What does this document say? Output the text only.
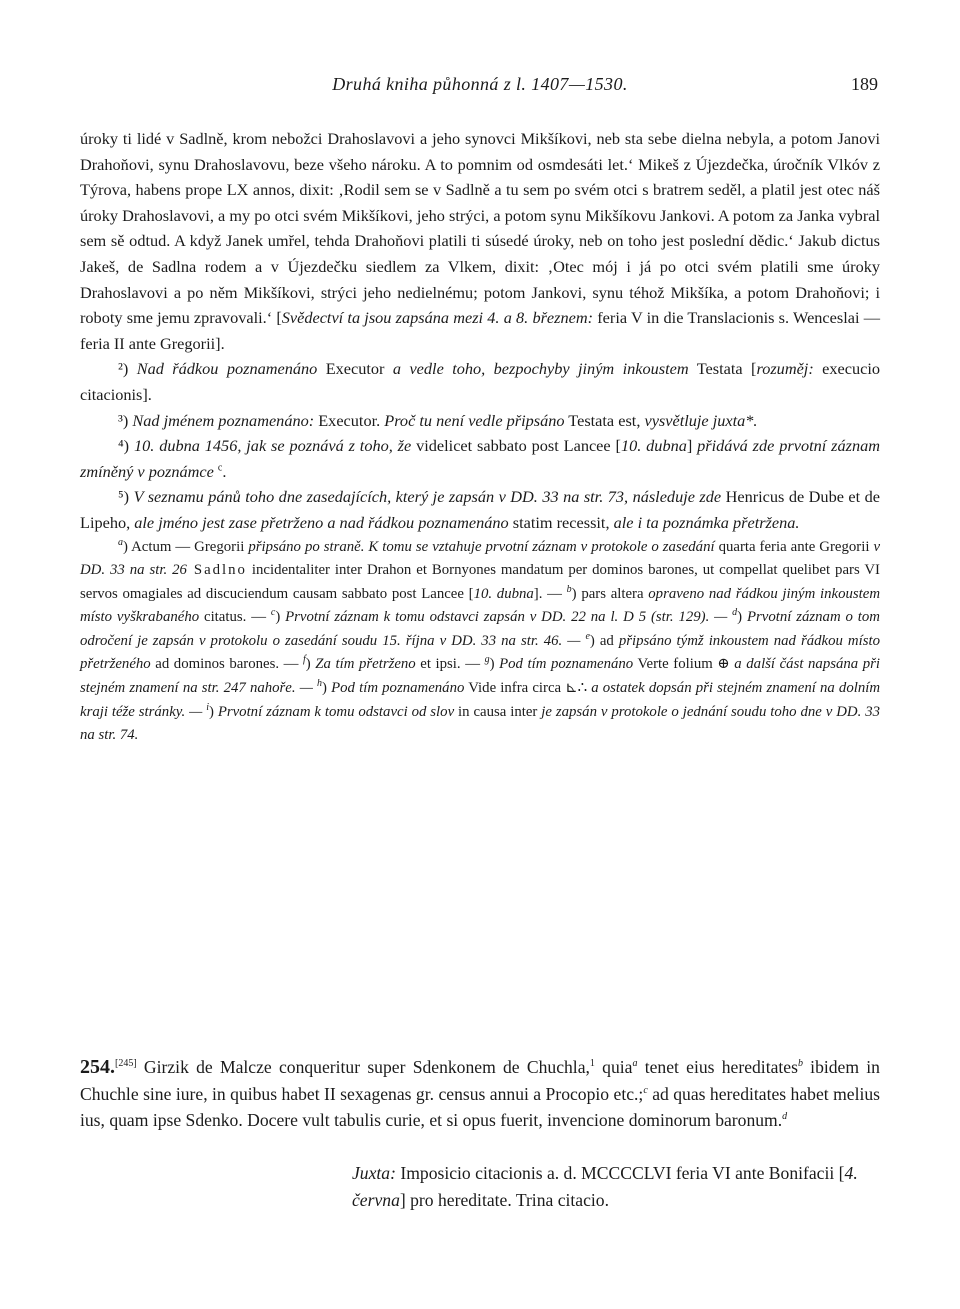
Druhá kniha půhonná z l. 1407—1530.	189

úroky ti lidé v Sadlně, krom nebožci Drahoslavovi a jeho synovci Mikšíkovi, neb sta sebe dielna nebyla, a potom Janovi Drahoňovi, synu Drahoslavovu, beze všeho nároku. A to pomnim od osmdesáti let.‘ Mikeš z Újezdečka, úročník Vlkóv z Týrova, habens prope LX annos, dixit: ‚Rodil sem se v Sadlně a tu sem po svém otci s bratrem seděl, a platil jest otec náš úroky Drahoslavovi, a my po otci svém Mikšíkovi, jeho strýci, a potom synu Mikšíkovu Jankovi. A potom za Janka vybral sem sě odtud. A když Janek umřel, tehda Drahoňovi platili ti súsedé úroky, neb on toho jest poslední dědic.‘ Jakub dictus Jakeš, de Sadlna rodem a v Újezdečku siedlem za Vlkem, dixit: ‚Otec mój i já po otci svém platili sme úroky Drahoslavovi a po něm Mikšíkovi, strýci jeho nedielnému; potom Jankovi, synu téhož Mikšíka, a potom Drahoňovi; i roboty sme jemu zpravovali.‘ [Svědectví ta jsou zapsána mezi 4. a 8. březnem: feria V in die Translacionis s. Wenceslai — feria II ante Gregorii].

²) Nad řádkou poznamenáno Executor a vedle toho, bezpochyby jiným inkoustem Testata [rozuměj: execucio citacionis].

³) Nad jménem poznamenáno: Executor. Proč tu není vedle připsáno Testata est, vysvětluje juxta*.

⁴) 10. dubna 1456, jak se poznává z toho, že videlicet sabbato post Lancee [10. dubna] přidává zde prvotní záznam zmíněný v poznámce $^c$.

⁵) V seznamu pánů toho dne zasedajících, který je zapsán v DD. 33 na str. 73, následuje zde Henricus de Dube et de Lipeho, ale jméno jest zase přetrženo a nad řádkou poznamenáno statim recessit, ale i ta poznámka přetržena.

$^a$) Actum — Gregorii připsáno po straně. K tomu se vztahuje prvotní záznam v protokole o zasedání quarta feria ante Gregorii v DD. 33 na str. 26 Sadlno incidentaliter inter Drahon et Bornyones mandatum per dominos barones, ut compellat quelibet pars VI servos omagiales ad discuciendum causam sabbato post Lancee [10. dubna]. — $^b$) pars altera opraveno nad řádkou jiným inkoustem místo vyškrabaného citatus. — $^c$) Prvotní záznam k tomu odstavci zapsán v DD. 22 na l. D 5 (str. 129). — $^d$) Prvotní záznam o tom odročení je zapsán v protokolu o zasedání soudu 15. října v DD. 33 na str. 46. — $^e$) ad připsáno týmž inkoustem nad řádkou místo přetrženého ad dominos barones. — $^f$) Za tím přetrženo et ipsi. — $^g$) Pod tím poznamenáno Verte folium ⊕ a další část napsána při stejném znamení na str. 247 nahoře. — $^h$) Pod tím poznamenáno Vide infra circa ⊾∴ a ostatek dopsán při stejném znamení na dolním kraji téže stránky. — $^i$) Prvotní záznam k tomu odstavci od slov in causa inter je zapsán v protokole o jednání soudu toho dne v DD. 33 na str. 74.

254.[245] Girzik de Malcze conqueritur super Sdenkonem de Chuchla,$^1$ quia$^a$ tenet eius hereditates$^b$ ibidem in Chuchle sine iure, in quibus habet II sexagenas gr. census annui a Procopio etc.;$^c$ ad quas hereditates habet melius ius, quam ipse Sdenko. Docere vult tabulis curie, et si opus fuerit, invencione dominorum baronum.$^d$

Juxta: Imposicio citacionis a. d. MCCCCLVI feria VI ante Bonifacii [4. června] pro hereditate. Trina citacio.
